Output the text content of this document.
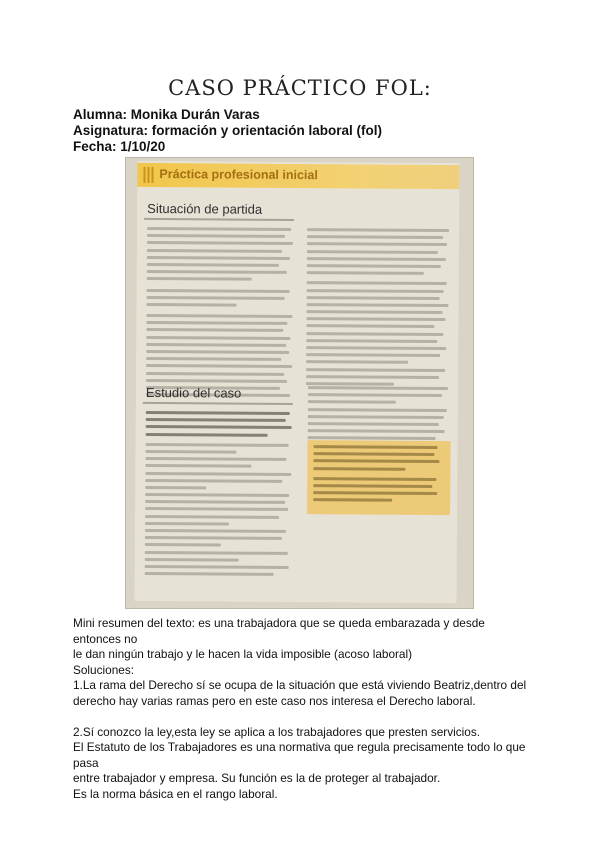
CASO PRÁCTICO FOL:
Alumna: Monika Durán Varas
Asignatura: formación y orientación laboral (fol)
Fecha: 1/10/20
Práctica profesional inicial
Situación de partida
Estudio del caso

Mini resumen del texto: es una trabajadora que se queda embarazada y desde entonces no

le dan ningún trabajo y le hacen la vida imposible (acoso laboral)

Soluciones:

1.La rama del Derecho sí se ocupa de la situación que está viviendo Beatriz,dentro del

derecho hay varias ramas pero en este caso nos interesa el Derecho laboral.

2.Sí conozco la ley,esta ley se aplica a los trabajadores que presten servicios.

El Estatuto de los Trabajadores es una normativa que regula precisamente todo lo que pasa

entre trabajador y empresa. Su función es la de proteger al trabajador.

Es la norma básica en el rango laboral.
